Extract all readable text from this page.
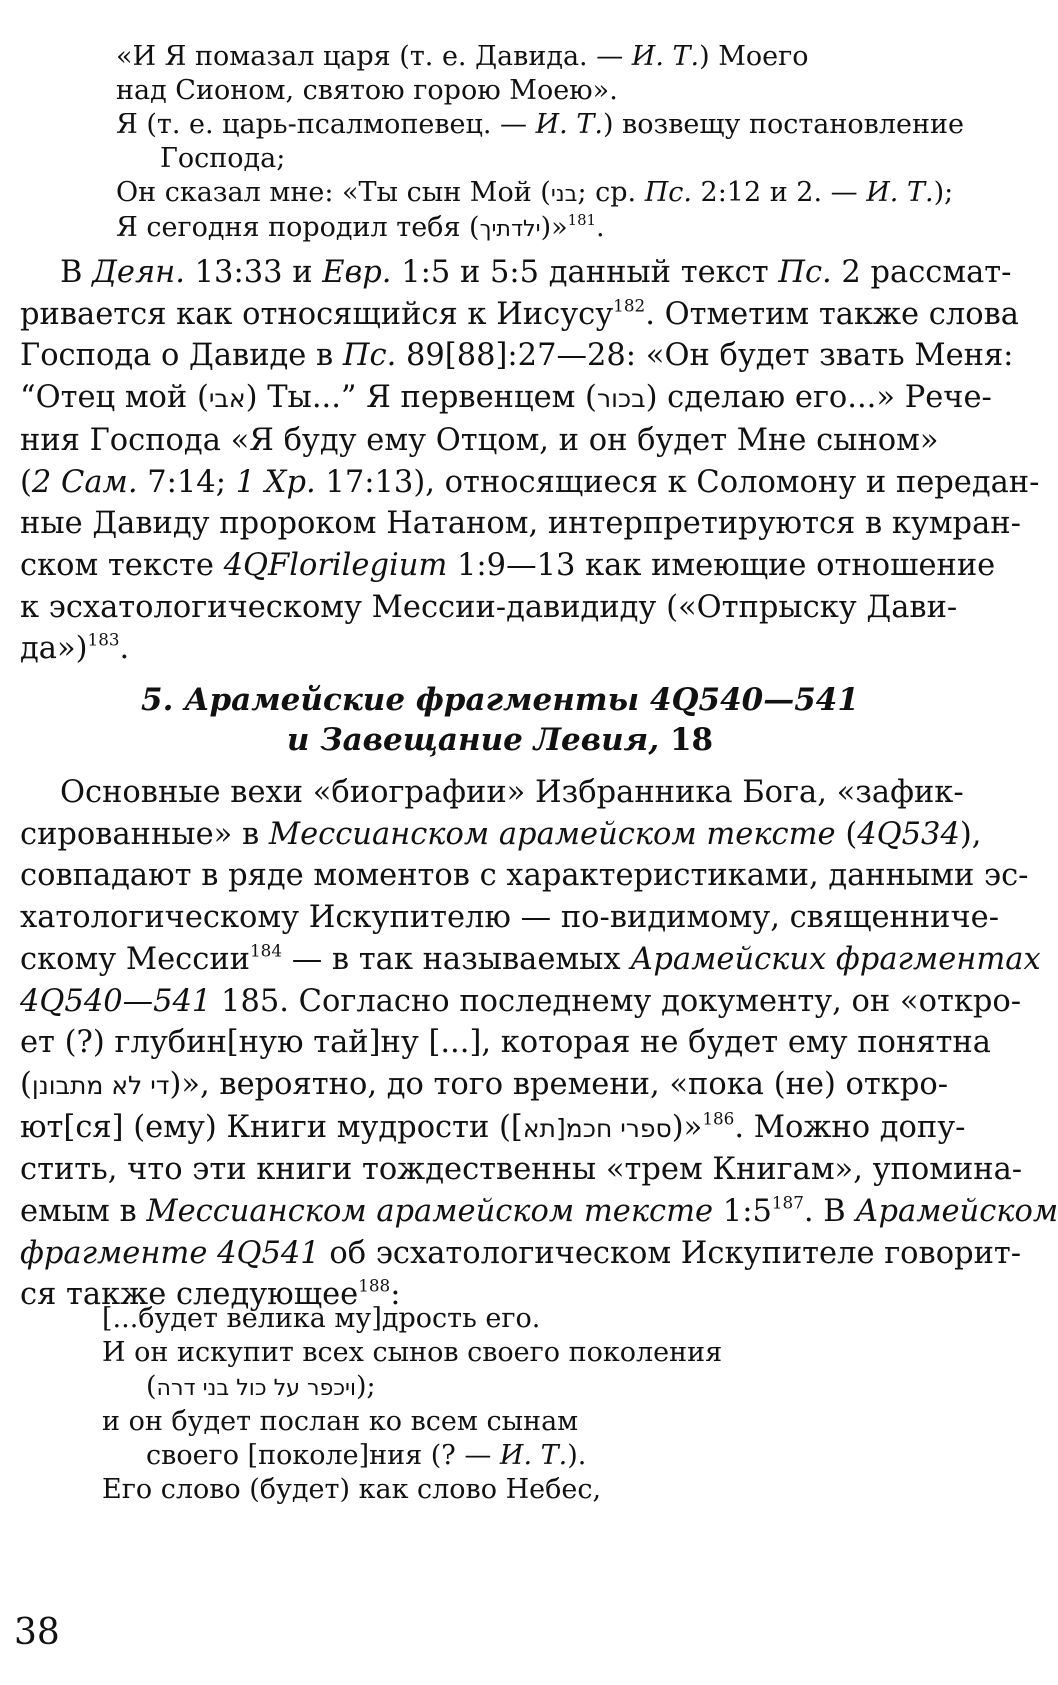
«И Я помазал царя (т. е. Давида. — И. Т.) Моего
над Сионом, святою горою Моею».
Я (т. е. царь-псалмопевец. — И. Т.) возвещу постановление
Господа;
Он сказал мне: «Ты сын Мой (בני; ср. Пс. 2:12 и 2. — И. Т.);
Я сегодня породил тебя (ילדתיך)»$^{181}$.
В Деян. 13:33 и Евр. 1:5 и 5:5 данный текст Пс. 2 рассмат-
ривается как относящийся к Иисусу$^{182}$. Отметим также слова
Господа о Давиде в Пс. 89[88]:27—28: «Он будет звать Меня:
“Отец мой (אבי) Ты...” Я первенцем (בכור) сделаю его...» Рече-
ния Господа «Я буду ему Отцом, и он будет Мне сыном»
(2 Сам. 7:14; 1 Хр. 17:13), относящиеся к Соломону и передан-
ные Давиду пророком Натаном, интерпретируются в кумран-
ском тексте 4QFlorilegium 1:9—13 как имеющие отношение
к эсхатологическому Мессии-давидиду («Отпрыску Дави-
да»)$^{183}$.
5. Арамейские фрагменты 4Q540—541
и Завещание Левия, 18
Основные вехи «биографии» Избранника Бога, «зафик-
сированные» в Мессианском арамейском тексте (4Q534),
совпадают в ряде моментов с характеристиками, данными эс-
хатологическому Искупителю — по-видимому, священниче-
скому Мессии$^{184}$ — в так называемых Арамейских фрагментах
4Q540—541 185. Согласно последнему документу, он «откро-
ет (?) глубин[ную тай]ну [...], которая не будет ему понятна
(די לא מתבונן)», вероятно, до того времени, «пока (не) откро-
ют[ся] (ему) Книги мудрости ([ספרי חכמ[תא)»$^{186}$. Можно допу-
стить, что эти книги тождественны «трем Книгам», упомина-
емым в Мессианском арамейском тексте $1:5^{187}$. В Арамейском
фрагменте 4Q541 об эсхатологическом Искупителе говорит-
ся также следующее$^{188}$:
[...будет велика му]дрость его.
И он искупит всех сынов своего поколения
(ויכפר על כול בני דרה);
и он будет послан ко всем сынам
своего [поколе]ния (? — И. Т.).
Его слово (будет) как слово Небес,
38
